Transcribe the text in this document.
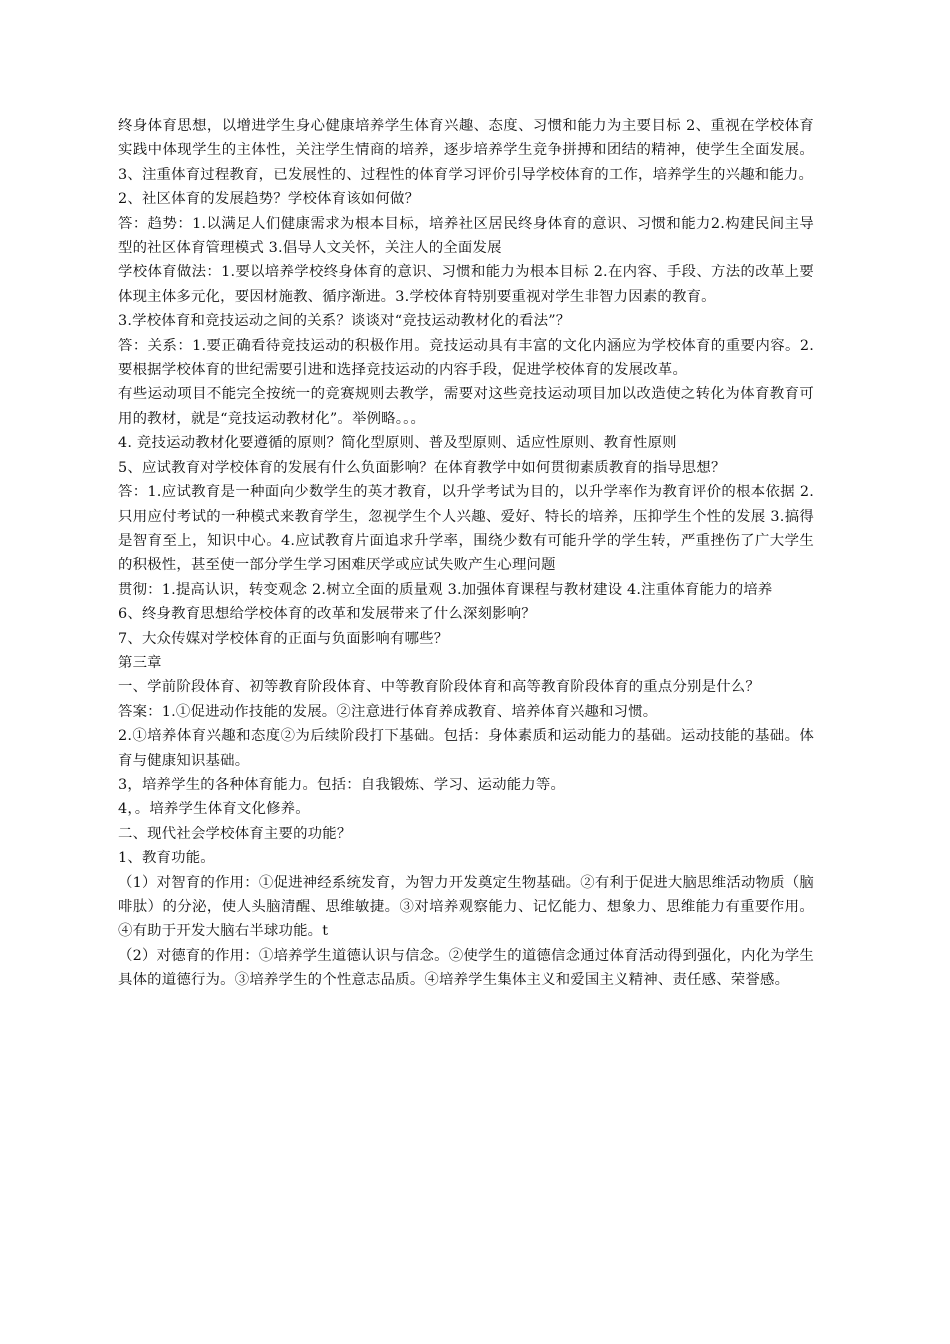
终身体育思想，以增进学生身心健康培养学生体育兴趣、态度、习惯和能力为主要目标 2、重视在学校体育实践中体现学生的主体性，关注学生情商的培养，逐步培养学生竞争拼搏和团结的精神，使学生全面发展。3、注重体育过程教育，已发展性的、过程性的体育学习评价引导学校体育的工作，培养学生的兴趣和能力。

2、社区体育的发展趋势？学校体育该如何做？

答：趋势：1.以满足人们健康需求为根本目标，培养社区居民终身体育的意识、习惯和能力2.构建民间主导型的社区体育管理模式 3.倡导人文关怀，关注人的全面发展

学校体育做法：1.要以培养学校终身体育的意识、习惯和能力为根本目标 2.在内容、手段、方法的改革上要体现主体多元化，要因材施教、循序渐进。3.学校体育特别要重视对学生非智力因素的教育。

3.学校体育和竞技运动之间的关系？谈谈对“竞技运动教材化的看法”？

答：关系：1.要正确看待竞技运动的积极作用。竞技运动具有丰富的文化内涵应为学校体育的重要内容。2.要根据学校体育的世纪需要引进和选择竞技运动的内容手段，促进学校体育的发展改革。

有些运动项目不能完全按统一的竞赛规则去教学，需要对这些竞技运动项目加以改造使之转化为体育教育可用的教材，就是“竞技运动教材化”。举例略。。。

4. 竞技运动教材化要遵循的原则？简化型原则、普及型原则、适应性原则、教育性原则

5、应试教育对学校体育的发展有什么负面影响？在体育教学中如何贯彻素质教育的指导思想？

答：1.应试教育是一种面向少数学生的英才教育，以升学考试为目的，以升学率作为教育评价的根本依据 2.只用应付考试的一种模式来教育学生，忽视学生个人兴趣、爱好、特长的培养，压抑学生个性的发展 3.搞得是智育至上，知识中心。4.应试教育片面追求升学率，围绕少数有可能升学的学生转，严重挫伤了广大学生的积极性，甚至使一部分学生学习困难厌学或应试失败产生心理问题

贯彻：1.提高认识，转变观念 2.树立全面的质量观 3.加强体育课程与教材建设 4.注重体育能力的培养

6、终身教育思想给学校体育的改革和发展带来了什么深刻影响？

7、大众传媒对学校体育的正面与负面影响有哪些？

第三章

一、学前阶段体育、初等教育阶段体育、中等教育阶段体育和高等教育阶段体育的重点分别是什么？

答案：1.①促进动作技能的发展。②注意进行体育养成教育、培养体育兴趣和习惯。

2.①培养体育兴趣和态度②为后续阶段打下基础。包括：身体素质和运动能力的基础。运动技能的基础。体育与健康知识基础。

3，培养学生的各种体育能力。包括：自我锻炼、学习、运动能力等。

4，。培养学生体育文化修养。

二、现代社会学校体育主要的功能？

1、教育功能。

（1）对智育的作用：①促进神经系统发育，为智力开发奠定生物基础。②有利于促进大脑思维活动物质（脑啡肽）的分泌，使人头脑清醒、思维敏捷。③对培养观察能力、记忆能力、想象力、思维能力有重要作用。④有助于开发大脑右半球功能。t

（2）对德育的作用：①培养学生道德认识与信念。②使学生的道德信念通过体育活动得到强化，内化为学生具体的道德行为。③培养学生的个性意志品质。④培养学生集体主义和爱国主义精神、责任感、荣誉感。
